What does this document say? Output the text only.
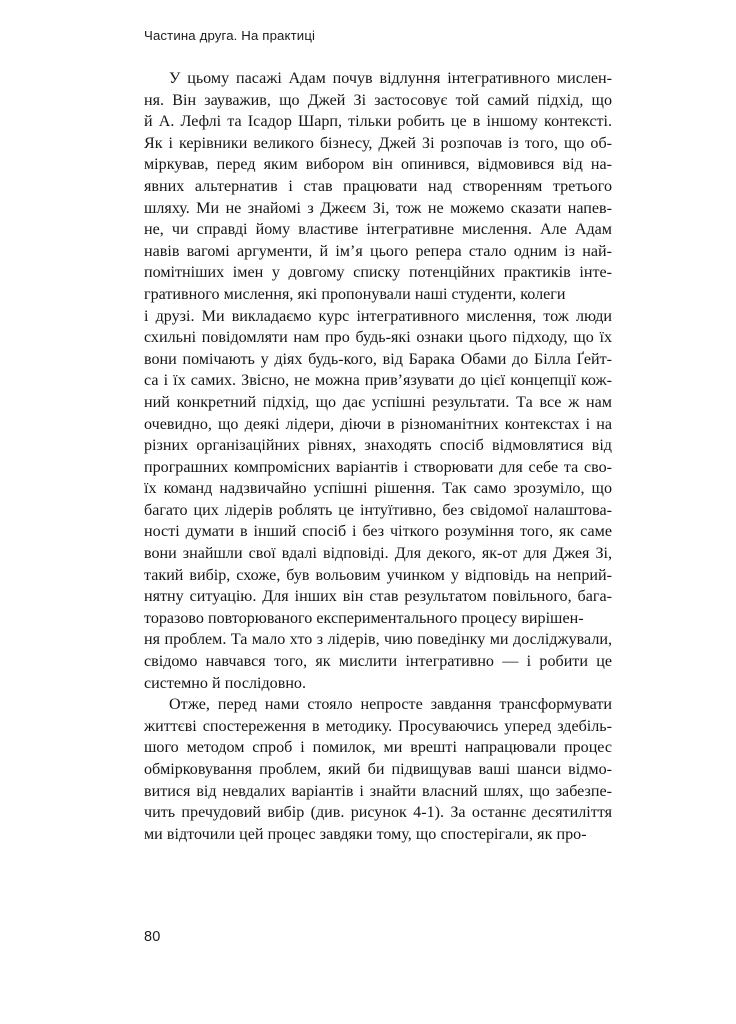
Частина друга. На практиці

У цьому пасажі Адам почув відлуння інтегративного мислен-
ня. Він зауважив, що Джей Зі застосовує той самий підхід, що
й А. Лефлі та Ісадор Шарп, тільки робить це в іншому контексті.
Як і керівники великого бізнесу, Джей Зі розпочав із того, що об-
міркував, перед яким вибором він опинився, відмовився від на-
явних альтернатив і став працювати над створенням третього
шляху. Ми не знайомі з Джеєм Зі, тож не можемо сказати напев-
не, чи справді йому властиве інтегративне мислення. Але Адам
навів вагомі аргументи, й ім’я цього репера стало одним із най-
помітніших імен у довгому списку потенційних практиків інте-
гративного мислення, які пропонували наші студенти, колеги
і друзі. Ми викладаємо курс інтегративного мислення, тож люди
схильні повідомляти нам про будь-які ознаки цього підходу, що їх
вони помічають у діях будь-кого, від Барака Обами до Білла Ґейт-
са і їх самих. Звісно, не можна прив’язувати до цієї концепції кож-
ний конкретний підхід, що дає успішні результати. Та все ж нам
очевидно, що деякі лідери, діючи в різноманітних контекстах і на
різних організаційних рівнях, знаходять спосіб відмовлятися від
програшних компромісних варіантів і створювати для себе та сво-
їх команд надзвичайно успішні рішення. Так само зрозуміло, що
багато цих лідерів роблять це інтуїтивно, без свідомої налаштова-
ності думати в інший спосіб і без чіткого розуміння того, як саме
вони знайшли свої вдалі відповіді. Для декого, як-от для Джея Зі,
такий вибір, схоже, був вольовим учинком у відповідь на неприй-
нятну ситуацію. Для інших він став результатом повільного, бага-
торазово повторюваного експериментального процесу вирішен-
ня проблем. Та мало хто з лідерів, чию поведінку ми досліджували,
свідомо навчався того, як мислити інтегративно — і робити це
системно й послідовно.

Отже, перед нами стояло непросте завдання трансформувати
життєві спостереження в методику. Просуваючись уперед здебіль-
шого методом спроб і помилок, ми врешті напрацювали процес
обмірковування проблем, який би підвищував ваші шанси відмо-
витися від невдалих варіантів і знайти власний шлях, що забезпе-
чить пречудовий вибір (див. рисунок 4-1). За останнє десятиліття
ми відточили цей процес завдяки тому, що спостерігали, як про-

80
